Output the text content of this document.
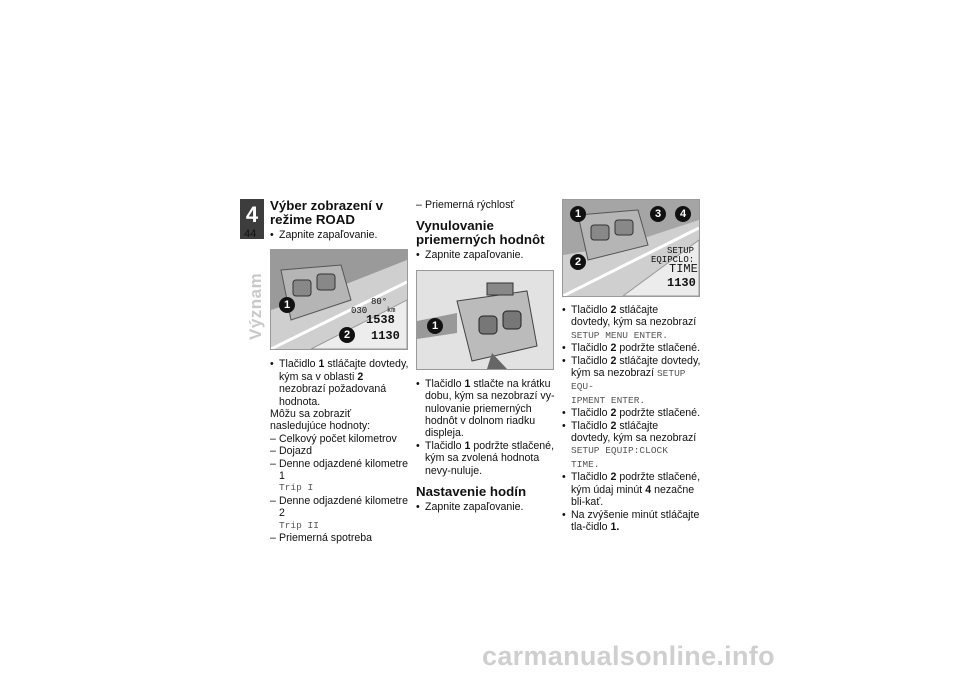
4
44
Význam
Výber zobrazení v režime ROAD
• Zapnite zapaľovanie.
80°
030	km
1538
1130
1
2
• Tlačidlo 1 stláčajte dovtedy, kým sa v oblasti 2 nezobrazí požadovaná hodnota.
Môžu sa zobraziť nasledujúce hodnoty:
– Celkový počet kilometrov
– Dojazd
– Denne odjazdené kilometre 1
Trip I
– Denne odjazdené kilometre 2
Trip II
– Priemerná spotreba
– Priemerná rýchlosť
Vynulovanie priemerných hodnôt
• Zapnite zapaľovanie.
1
• Tlačidlo 1 stlačte na krátku dobu, kým sa nezobrazí vy-nulovanie priemerných hodnôt v dolnom riadku displeja.
• Tlačidlo 1 podržte stlačené, kým sa zvolená hodnota nevy-nuluje.
Nastavenie hodín
• Zapnite zapaľovanie.
SETUP
EQIPCLO:
TIME
1130
1
2
3	4
• Tlačidlo 2 stláčajte
dovtedy, kým sa nezobrazí
SETUP MENU ENTER.
• Tlačidlo 2 podržte stlačené.
• Tlačidlo 2 stláčajte dovtedy, kým sa nezobrazí SETUP EQU-
IPMENT ENTER.
• Tlačidlo 2 podržte stlačené.
• Tlačidlo 2 stláčajte
dovtedy, kým sa nezobrazí
SETUP EQUIP:CLOCK TIME.
• Tlačidlo 2 podržte stlačené, kým údaj minút 4 nezačne bli-kať.
• Na zvýšenie minút stláčajte tla-čidlo 1.
carmanualsonline.info
